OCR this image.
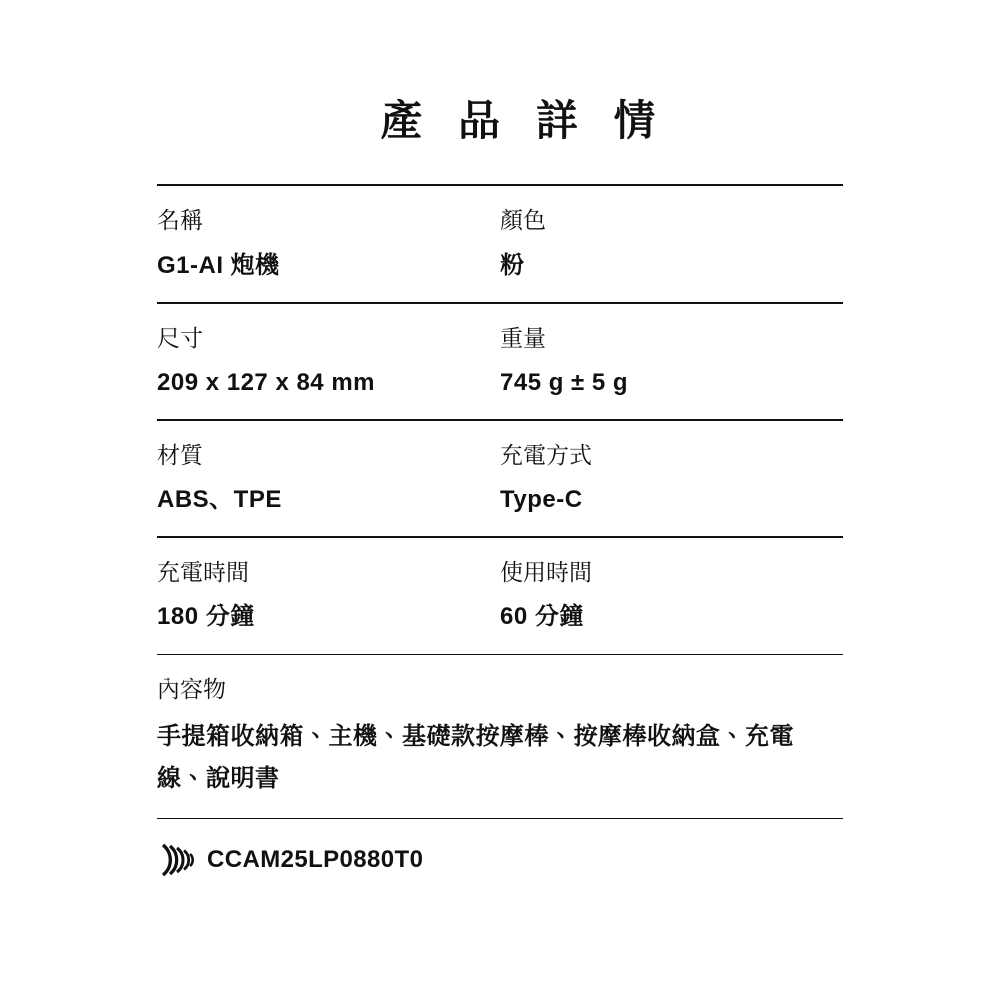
產 品 詳 情
名稱
G1-AI 炮機
顏色
粉
尺寸
209 x 127 x 84 mm
重量
745 g ± 5 g
材質
ABS、TPE
充電方式
Type-C
充電時間
180 分鐘
使用時間
60 分鐘
內容物
手提箱收納箱、主機、基礎款按摩棒、按摩棒收納盒、充電線、說明書
CCAM25LP0880T0
